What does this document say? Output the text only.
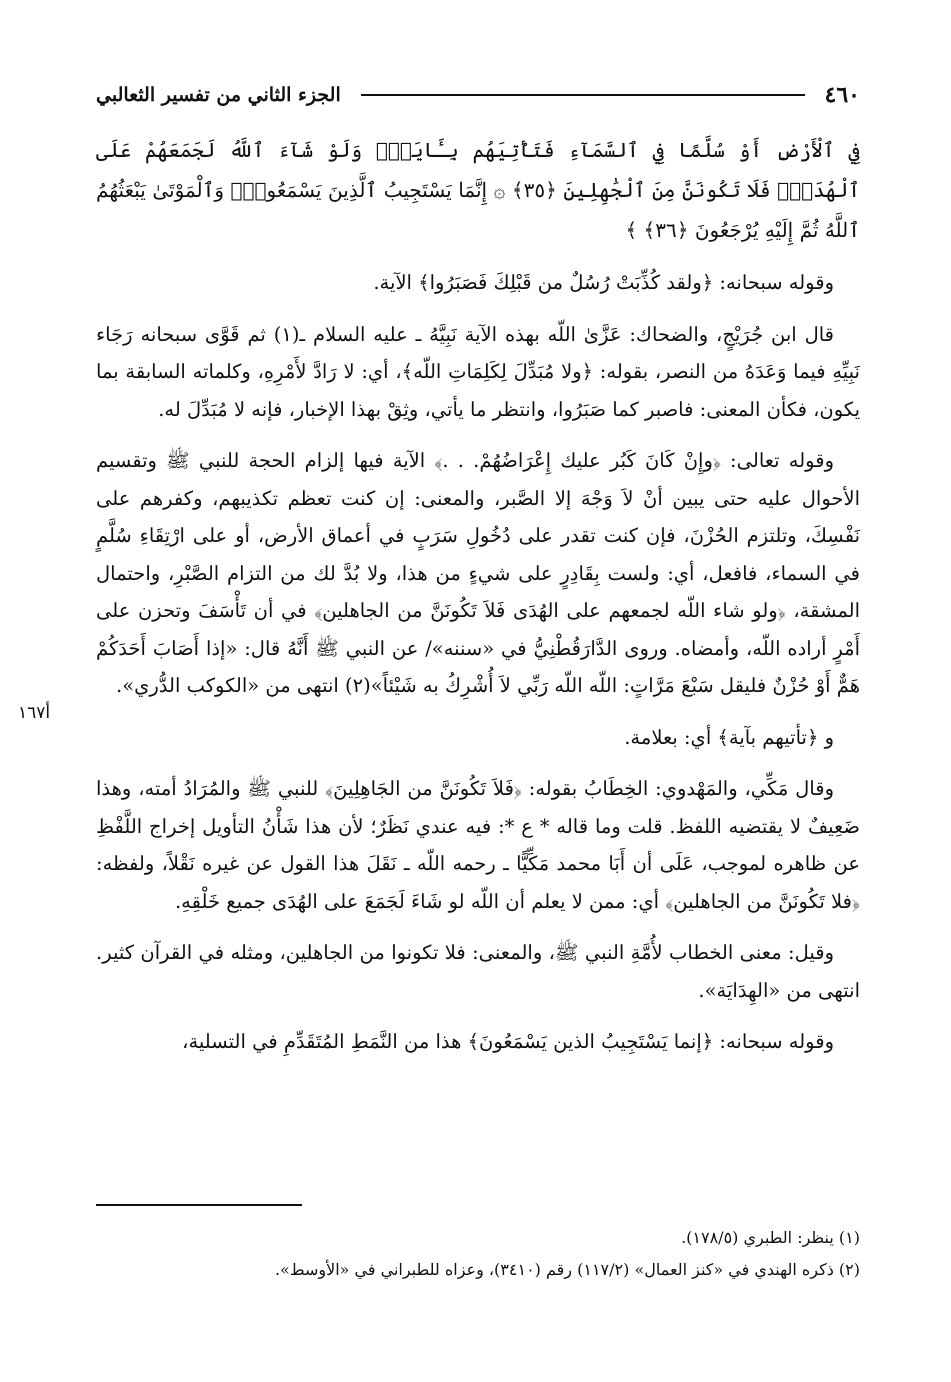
٤٦٠
الجزء الثاني من تفسير الثعالبي
فِي ٱلْأَرْضِ أَوْ سُلَّمًا فِي ٱلسَّمَآءِ فَتَأْتِيَهُم بِـَٔايَةٍۚ وَلَوْ شَآءَ ٱللَّهُ لَجَمَعَهُمْ عَلَى ٱلْهُدَىٰۚ فَلَا تَكُونَنَّ مِنَ ٱلْجَٰهِلِينَ ﴿٣٥﴾ ۞ إِنَّمَا يَسْتَجِيبُ ٱلَّذِينَ يَسْمَعُونَۘ وَٱلْمَوْتَىٰ يَبْعَثُهُمُ ٱللَّهُ ثُمَّ إِلَيْهِ يُرْجَعُونَ ﴿٣٦﴾ ﴾

وقوله سبحانه: ﴿ولقد كُذِّبَتْ رُسُلٌ من قَبْلِكَ فَصَبَرُوا﴾ الآية.

قال ابن جُرَيْجٍ، والضحاك: عَزَّىٰ اللّه بهذه الآية نَبِيَّهُ ـ عليه السلام ـ(١) ثم قَوَّى سبحانه رَجَاء نَبِيِّهِ فيما وَعَدَهُ من النصر، بقوله: ﴿ولا مُبَدِّلَ لِكَلِمَاتِ اللّه﴾، أي: لا رَادَّ لأَمْرِهِ، وكلماته السابقة بما يكون، فكأن المعنى: فاصبر كما صَبَرُوا، وانتظر ما يأتي، وثِقْ بهذا الإخبار، فإنه لا مُبَدِّلَ له.

وقوله تعالى: ﴿وإِنْ كَانَ كَبُر عليك إِعْرَاضُهُمْ. . .﴾ الآية فيها إلزام الحجة للنبي ﷺ وتقسيم الأحوال عليه حتى يبين أنْ لاَ وَجْهَ إلا الصَّبر، والمعنى: إن كنت تعظم تكذيبهم، وكفرهم على نَفْسِكَ، وتلتزم الحُزْنَ، فإن كنت تقدر على دُخُولِ سَرَبٍ في أعماق الأرض، أو على ارْتِقَاءِ سُلَّمٍ في السماء، فافعل، أي: ولست بِقَادِرٍ على شيءٍ من هذا، ولا بُدَّ لك من التزام الصَّبْرِ، واحتمال المشقة، ﴿ولو شاء اللّه لجمعهم على الهُدَى فَلاَ تَكُونَنَّ من الجاهلين﴾ في أن تَأْسَفَ وتحزن على أَمْرٍ أراده اللّه، وأمضاه. وروى الدَّارَقُطْنِيُّ في «سننه»/ عن النبي ﷺ أَنَّهُ قال: «إذا أَصَابَ أَحَدَكُمْ هَمٌّ أَوْ حُزْنٌ فليقل سَبْعَ مَرَّاتٍ: اللّه اللّه رَبِّي لاَ أُشْرِكُ به شَيْئاً»(٢) انتهى من «الكوكب الدُّري».

و ﴿تأتيهم بآية﴾ أي: بعلامة.

وقال مَكِّي، والمَهْدوي: الخِطَابُ بقوله: ﴿فَلاَ تَكُونَنَّ من الجَاهِلِينَ﴾ للنبي ﷺ والمُرَادُ أمته، وهذا ضَعِيفٌ لا يقتضيه اللفظ. قلت وما قاله * ع *: فيه عندي نَظَرٌ؛ لأن هذا شَأْنُ التأويل إخراج اللَّفْظِ عن ظاهره لموجب، عَلَى أن أَبَا محمد مَكِّيًّا ـ رحمه اللّه ـ نَقَلَ هذا القول عن غيره نَقْلاً، ولفظه: ﴿فلا تَكُونَنَّ من الجاهلين﴾ أي: ممن لا يعلم أن اللّه لو شَاءَ لَجَمَعَ على الهُدَى جميع خَلْقِهِ.

وقيل: معنى الخطاب لأُمَّةِ النبي ﷺ، والمعنى: فلا تكونوا من الجاهلين، ومثله في القرآن كثير. انتهى من «الهِدَايَة».

وقوله سبحانه: ﴿إنما يَسْتَجِيبُ الذين يَسْمَعُونَ﴾ هذا من النَّمَطِ المُتَقَدِّمِ في التسلية،

أ١٦٧

(١) ينظر: الطبري (١٧٨/٥).

(٢) ذكره الهندي في «كنز العمال» (١١٧/٢) رقم (٣٤١٠)، وعزاه للطبراني في «الأوسط».
